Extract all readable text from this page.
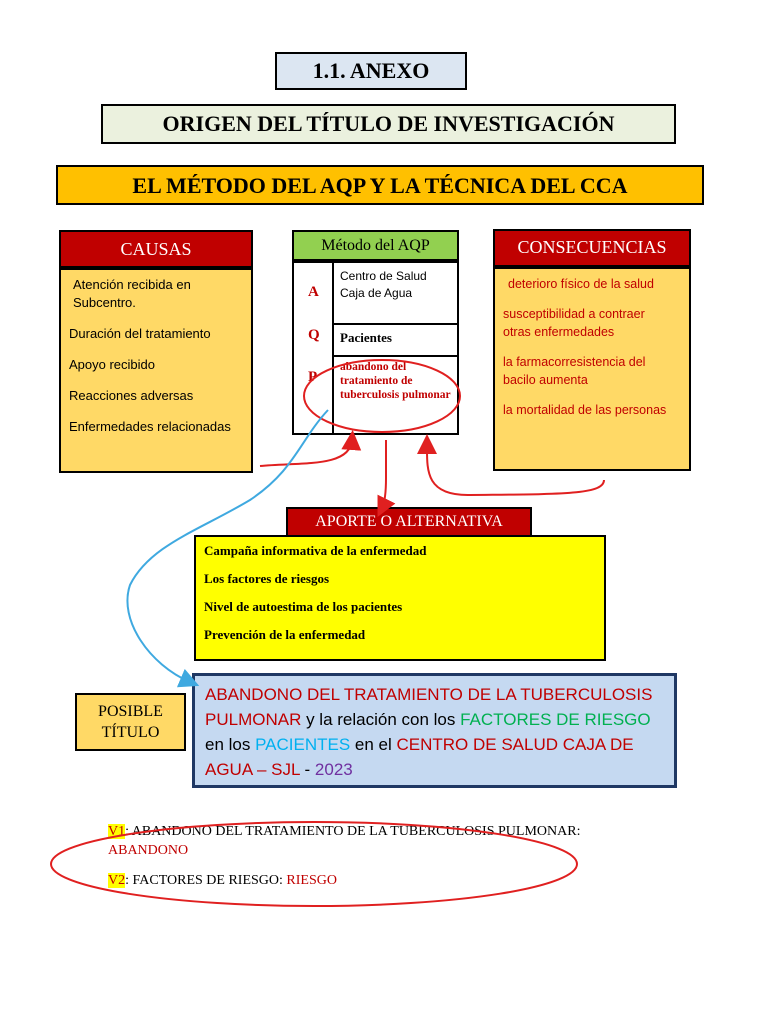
1.1. ANEXO
ORIGEN DEL TÍTULO DE INVESTIGACIÓN
EL MÉTODO DEL AQP Y LA TÉCNICA DEL CCA
CAUSAS
Atención recibida en Subcentro.
Duración del tratamiento
Apoyo recibido
Reacciones adversas
Enfermedades relacionadas
Método del AQP
A
Q
P
Centro de Salud
Caja de Agua
Pacientes
abandono del tratamiento de tuberculosis pulmonar
CONSECUENCIAS
deterioro físico de la salud
susceptibilidad a contraer otras enfermedades
la farmacorresistencia del bacilo aumenta
la mortalidad de las personas
Campaña informativa de la enfermedad
Los factores de riesgos
Nivel de autoestima de los pacientes
Prevención de la enfermedad
APORTE O ALTERNATIVA
POSIBLE TÍTULO
ABANDONO DEL TRATAMIENTO DE LA TUBERCULOSIS PULMONAR y la relación con los FACTORES DE RIESGO en los PACIENTES en el CENTRO DE SALUD CAJA DE AGUA – SJL - 2023
V1: ABANDONO DEL TRATAMIENTO DE LA TUBERCULOSIS PULMONAR:
ABANDONO
V2: FACTORES DE RIESGO: RIESGO
